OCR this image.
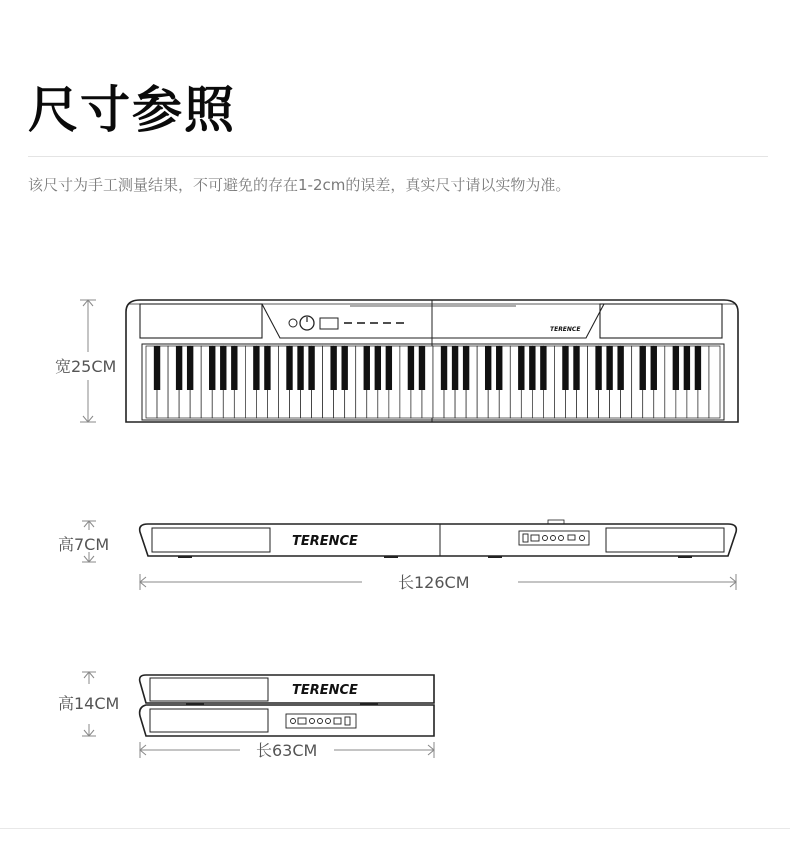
尺寸参照
该尺寸为手工测量结果，不可避免的存在1-2cm的误差，真实尺寸请以实物为准。
宽25CM
TERENCE
高7CM	TERENCE
长126CM
高14CM
TERENCE
长63CM
